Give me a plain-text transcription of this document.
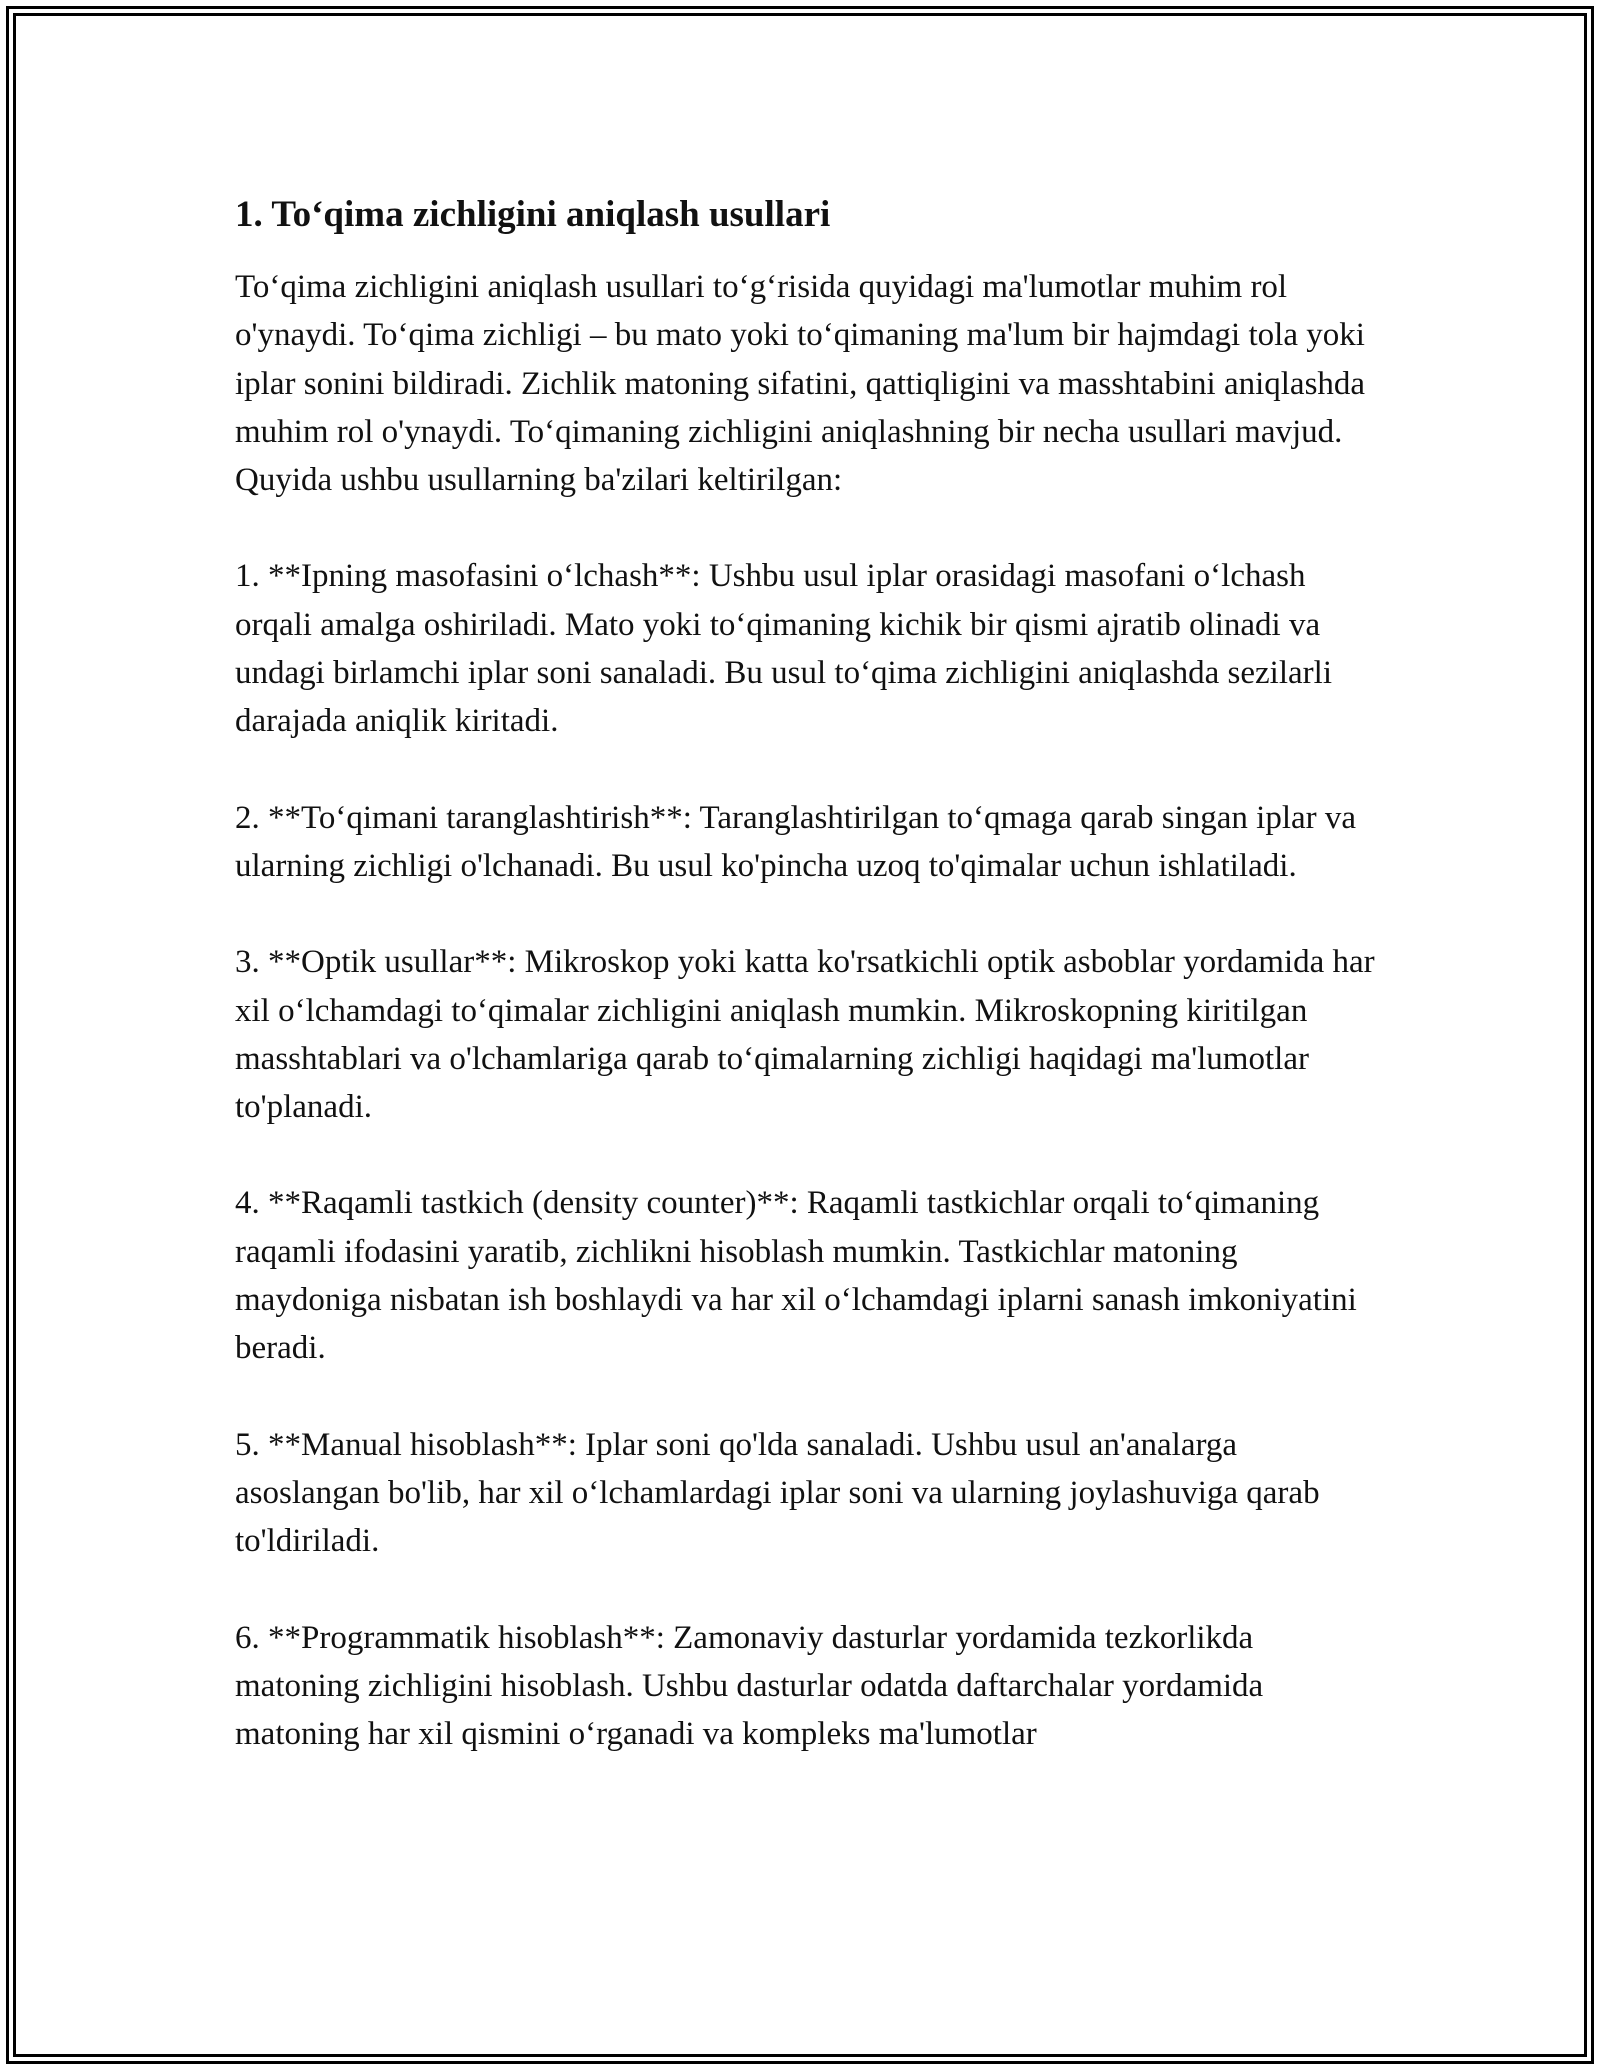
1. To‘qima zichligini aniqlash usullari

To‘qima zichligini aniqlash usullari to‘g‘risida quyidagi ma'lumotlar muhim rol o'ynaydi. To‘qima zichligi – bu mato yoki to‘qimaning ma'lum bir hajmdagi tola yoki iplar sonini bildiradi. Zichlik matoning sifatini, qattiqligini va masshtabini aniqlashda muhim rol o'ynaydi. To‘qimaning zichligini aniqlashning bir necha usullari mavjud. Quyida ushbu usullarning ba'zilari keltirilgan:

1. **Ipning masofasini o‘lchash**: Ushbu usul iplar orasidagi masofani o‘lchash orqali amalga oshiriladi. Mato yoki to‘qimaning kichik bir qismi ajratib olinadi va undagi birlamchi iplar soni sanaladi. Bu usul to‘qima zichligini aniqlashda sezilarli darajada aniqlik kiritadi.

2. **To‘qimani taranglashtirish**: Taranglashtirilgan to‘qmaga qarab singan iplar va ularning zichligi o'lchanadi. Bu usul ko'pincha uzoq to'qimalar uchun ishlatiladi.

3. **Optik usullar**: Mikroskop yoki katta ko'rsatkichli optik asboblar yordamida har xil o‘lchamdagi to‘qimalar zichligini aniqlash mumkin. Mikroskopning kiritilgan masshtablari va o'lchamlariga qarab to‘qimalarning zichligi haqidagi ma'lumotlar to'planadi.

4. **Raqamli tastkich (density counter)**: Raqamli tastkichlar orqali to‘qimaning raqamli ifodasini yaratib, zichlikni hisoblash mumkin. Tastkichlar matoning maydoniga nisbatan ish boshlaydi va har xil o‘lchamdagi iplarni sanash imkoniyatini beradi.

5. **Manual hisoblash**: Iplar soni qo'lda sanaladi. Ushbu usul an'analarga asoslangan bo'lib, har xil o‘lchamlardagi iplar soni va ularning joylashuviga qarab to'ldiriladi.

6. **Programmatik hisoblash**: Zamonaviy dasturlar yordamida tezkorlikda matoning zichligini hisoblash. Ushbu dasturlar odatda daftarchalar yordamida matoning har xil qismini o‘rganadi va kompleks ma'lumotlar
